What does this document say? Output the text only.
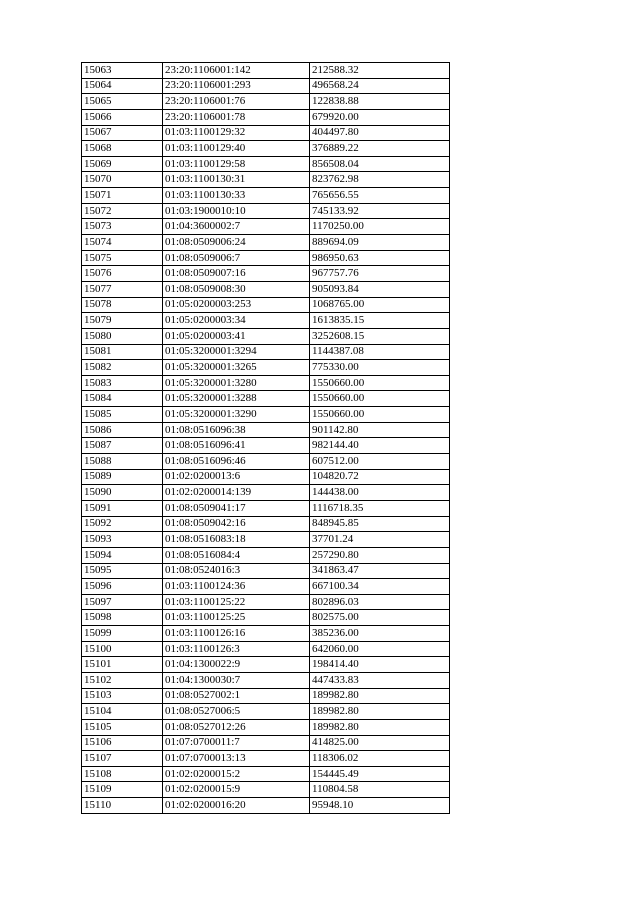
15063	23:20:1106001:142	212588.32
15064	23:20:1106001:293	496568.24
15065	23:20:1106001:76	122838.88
15066	23:20:1106001:78	679920.00
15067	01:03:1100129:32	404497.80
15068	01:03:1100129:40	376889.22
15069	01:03:1100129:58	856508.04
15070	01:03:1100130:31	823762.98
15071	01:03:1100130:33	765656.55
15072	01:03:1900010:10	745133.92
15073	01:04:3600002:7	1170250.00
15074	01:08:0509006:24	889694.09
15075	01:08:0509006:7	986950.63
15076	01:08:0509007:16	967757.76
15077	01:08:0509008:30	905093.84
15078	01:05:0200003:253	1068765.00
15079	01:05:0200003:34	1613835.15
15080	01:05:0200003:41	3252608.15
15081	01:05:3200001:3294	1144387.08
15082	01:05:3200001:3265	775330.00
15083	01:05:3200001:3280	1550660.00
15084	01:05:3200001:3288	1550660.00
15085	01:05:3200001:3290	1550660.00
15086	01:08:0516096:38	901142.80
15087	01:08:0516096:41	982144.40
15088	01:08:0516096:46	607512.00
15089	01:02:0200013:6	104820.72
15090	01:02:0200014:139	144438.00
15091	01:08:0509041:17	1116718.35
15092	01:08:0509042:16	848945.85
15093	01:08:0516083:18	37701.24
15094	01:08:0516084:4	257290.80
15095	01:08:0524016:3	341863.47
15096	01:03:1100124:36	667100.34
15097	01:03:1100125:22	802896.03
15098	01:03:1100125:25	802575.00
15099	01:03:1100126:16	385236.00
15100	01:03:1100126:3	642060.00
15101	01:04:1300022:9	198414.40
15102	01:04:1300030:7	447433.83
15103	01:08:0527002:1	189982.80
15104	01:08:0527006:5	189982.80
15105	01:08:0527012:26	189982.80
15106	01:07:0700011:7	414825.00
15107	01:07:0700013:13	118306.02
15108	01:02:0200015:2	154445.49
15109	01:02:0200015:9	110804.58
15110	01:02:0200016:20	95948.10
